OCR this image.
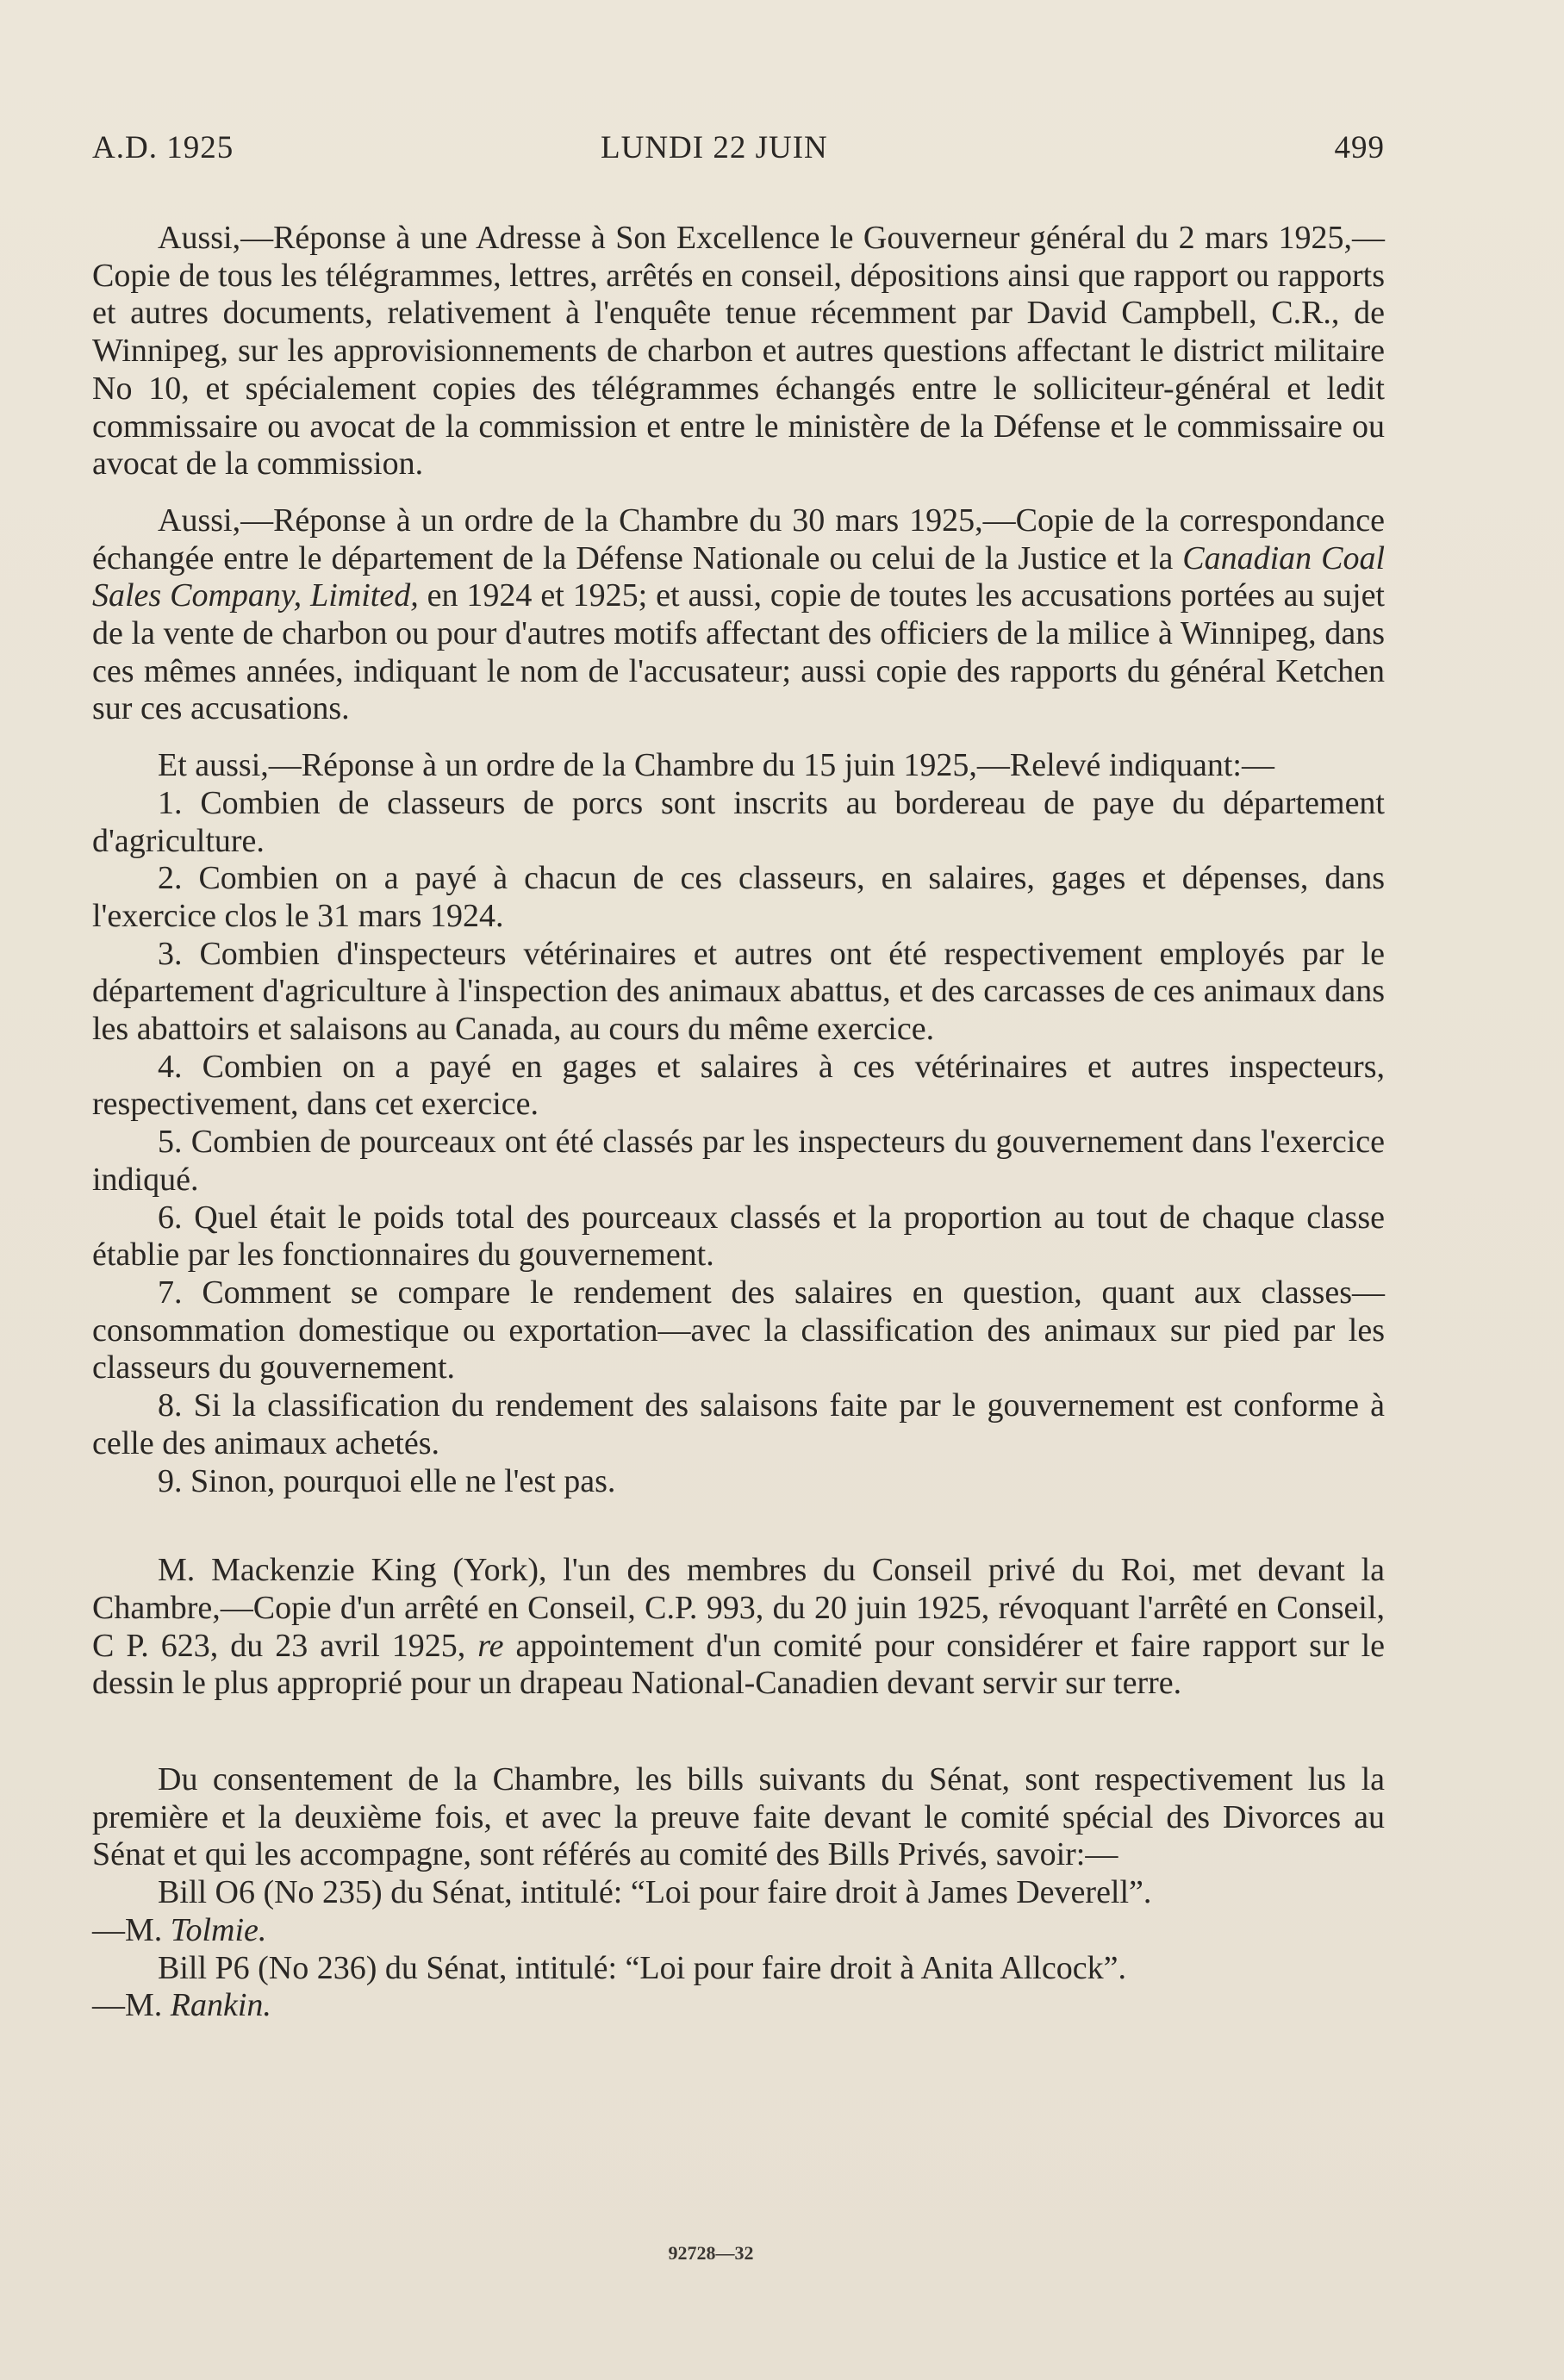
A.D. 1925	LUNDI 22 JUIN	499

Aussi,—Réponse à une Adresse à Son Excellence le Gouverneur général du 2 mars 1925,—Copie de tous les télégrammes, lettres, arrêtés en conseil, dépositions ainsi que rapport ou rapports et autres documents, relativement à l'enquête tenue récemment par David Campbell, C.R., de Winnipeg, sur les approvisionnements de charbon et autres questions affectant le district militaire No 10, et spécialement copies des télégrammes échangés entre le solliciteur-général et ledit commissaire ou avocat de la commission et entre le ministère de la Défense et le commissaire ou avocat de la commission.

Aussi,—Réponse à un ordre de la Chambre du 30 mars 1925,—Copie de la correspondance échangée entre le département de la Défense Nationale ou celui de la Justice et la Canadian Coal Sales Company, Limited, en 1924 et 1925; et aussi, copie de toutes les accusations portées au sujet de la vente de charbon ou pour d'autres motifs affectant des officiers de la milice à Winnipeg, dans ces mêmes années, indiquant le nom de l'accusateur; aussi copie des rapports du général Ketchen sur ces accusations.

Et aussi,—Réponse à un ordre de la Chambre du 15 juin 1925,—Relevé indiquant:—

1. Combien de classeurs de porcs sont inscrits au bordereau de paye du département d'agriculture.

2. Combien on a payé à chacun de ces classeurs, en salaires, gages et dépenses, dans l'exercice clos le 31 mars 1924.

3. Combien d'inspecteurs vétérinaires et autres ont été respectivement employés par le département d'agriculture à l'inspection des animaux abattus, et des carcasses de ces animaux dans les abattoirs et salaisons au Canada, au cours du même exercice.

4. Combien on a payé en gages et salaires à ces vétérinaires et autres inspecteurs, respectivement, dans cet exercice.

5. Combien de pourceaux ont été classés par les inspecteurs du gouvernement dans l'exercice indiqué.

6. Quel était le poids total des pourceaux classés et la proportion au tout de chaque classe établie par les fonctionnaires du gouvernement.

7. Comment se compare le rendement des salaires en question, quant aux classes—consommation domestique ou exportation—avec la classification des animaux sur pied par les classeurs du gouvernement.

8. Si la classification du rendement des salaisons faite par le gouvernement est conforme à celle des animaux achetés.

9. Sinon, pourquoi elle ne l'est pas.

M. Mackenzie King (York), l'un des membres du Conseil privé du Roi, met devant la Chambre,—Copie d'un arrêté en Conseil, C.P. 993, du 20 juin 1925, révoquant l'arrêté en Conseil, C P. 623, du 23 avril 1925, re appointement d'un comité pour considérer et faire rapport sur le dessin le plus approprié pour un drapeau National-Canadien devant servir sur terre.

Du consentement de la Chambre, les bills suivants du Sénat, sont respectivement lus la première et la deuxième fois, et avec la preuve faite devant le comité spécial des Divorces au Sénat et qui les accompagne, sont référés au comité des Bills Privés, savoir:—

Bill O6 (No 235) du Sénat, intitulé: “Loi pour faire droit à James Deverell”.

—M. Tolmie.

Bill P6 (No 236) du Sénat, intitulé: “Loi pour faire droit à Anita Allcock”.

—M. Rankin.

92728—32
